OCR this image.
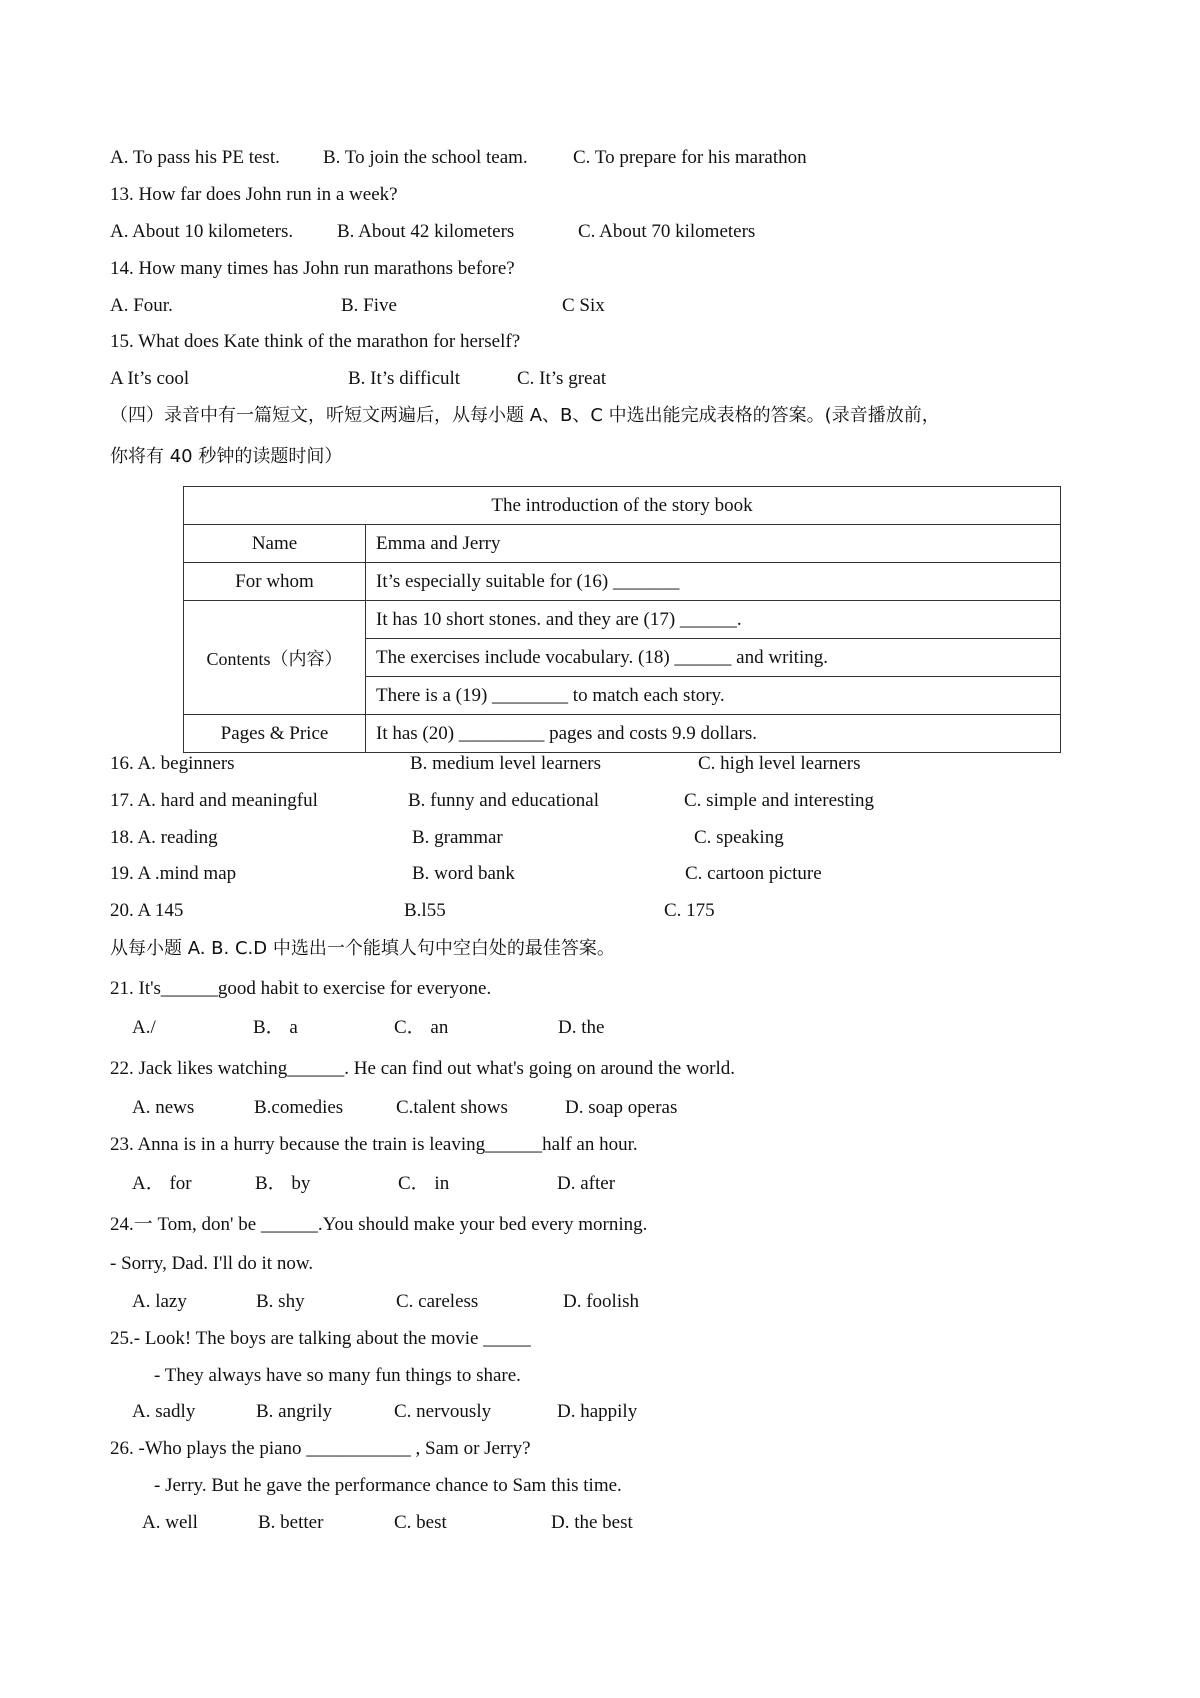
A. To pass his PE test. B. To join the school team. C. To prepare for his marathon
13. How far does John run in a week?
A. About 10 kilometers. B. About 42 kilometers	C. About 70 kilometers
14. How many times has John run marathons before?
A. Four.	B. Five	C Six
15. What does Kate think of the marathon for herself?
A It’s cool	B. It’s difficult	C. It’s great
（四）录音中有一篇短文，听短文两遍后，从每小题 A、B、C 中选出能完成表格的答案。(录音播放前，
你将有 40 秒钟的读题时间）
The introduction of the story book	
Name	Emma and Jerry
For whom	It’s especially suitable for (16) _______
Contents（内容）	It has 10 short stones. and they are (17) ______.
	The exercises include vocabulary. (18) ______ and writing.
	There is a (19) ________ to match each story.
Pages & Price	It has (20) _________ pages and costs 9.9 dollars.
16. A. beginners	B. medium level learners	C. high level learners
17. A. hard and meaningful	B. funny and educational	C. simple and interesting
18. A. reading	B. grammar	C. speaking
19. A .mind map	B. word bank	C. cartoon picture
20. A 145	B.l55	C. 175
从每小题 A. B. C.D 中选出一个能填人句中空白处的最佳答案。
21. It's______good habit to exercise for everyone.
A./	B． a	C． an	D. the
22. Jack likes watching______. He can find out what's going on around the world.
A. news	B.comedies	C.talent shows	D. soap operas
23. Anna is in a hurry because the train is leaving______half an hour.
A． for	B． by	C． in	D. after
24.一 Tom, don' be ______.You should make your bed every morning.
- Sorry, Dad. I'll do it now.
A. lazy	B. shy	C. careless	D. foolish
25.- Look! The boys are talking about the movie _____
- They always have so many fun things to share.
A. sadly	B. angrily	C. nervously	D. happily
26. -Who plays the piano ___________ , Sam or Jerry?
- Jerry. But he gave the performance chance to Sam this time.
A. well	B. better	C. best	D. the best
